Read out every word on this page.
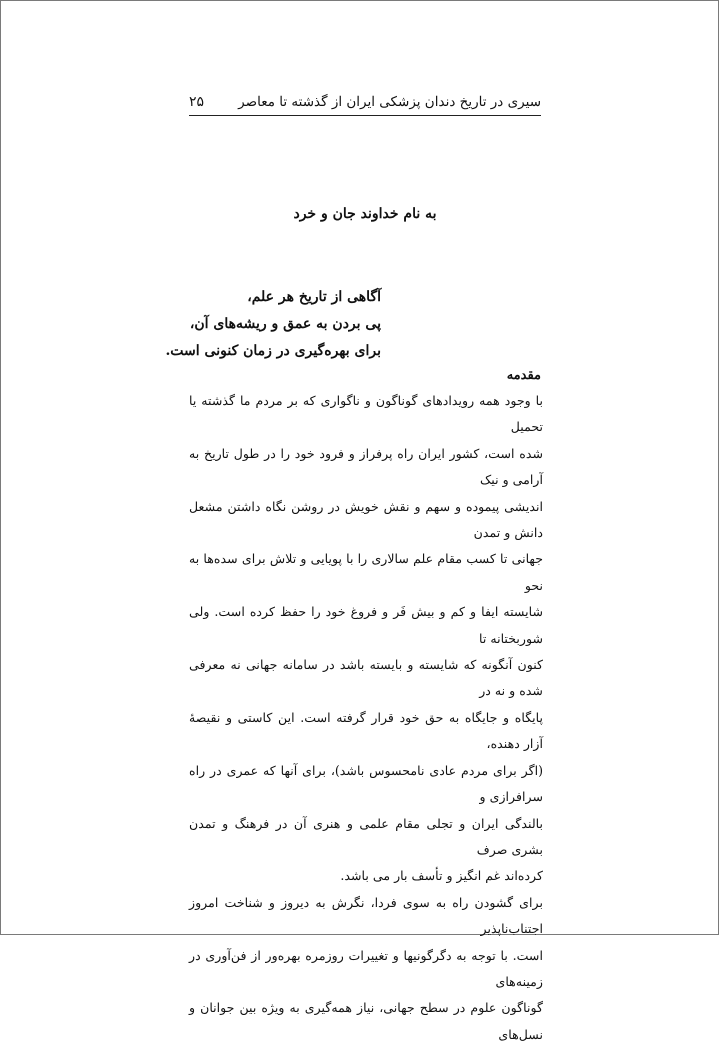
سیری در تاریخ دندان پزشکی ایران از گذشته تا معاصر
۲۵
به نام خداوند جان و خرد
آگاهی از تاریخ هر علم،
پی بردن به عمق و ریشه‌های آن،
برای بهره‌گیری در زمان کنونی است.
مقدمه

با وجود همه رویدادهای گوناگون و ناگواری که بر مردم ما گذشته یا تحمیل

شده است، کشور ایران راه پرفراز و فرود خود را در طول تاریخ به آرامی و نیک

اندیشی پیموده و سهم و نقش خویش در روشن نگاه داشتن مشعل دانش و تمدن

جهانی تا کسب مقام علم سالاری را با پویایی و تلاش برای سده‌ها به نحو

شایسته ایفا و کم و بیش فَر و فروغ خود را حفظ کرده است. ولی شوربختانه تا

کنون آنگونه که شایسته و بایسته باشد در سامانه جهانی نه معرفی شده و نه در

پایگاه و جایگاه به حق خود قرار گرفته است. این کاستی و نقیصهٔ آزار دهنده،

(اگر برای مردم عادی نامحسوس باشد)، برای آنها که عمری در راه سرافرازی و

بالندگی ایران و تجلی مقام علمی و هنری آن در فرهنگ و تمدن بشری صرف

کرده‌اند غم انگیز و تأسف بار می باشد.

برای گشودن راه به سوی فردا، نگرش به دیروز و شناخت امروز اجتناب‌ناپذیر

است. با توجه به دگرگونیها و تغییرات روزمره بهره‌ور از فن‌آوری در زمینه‌های

گوناگون علوم در سطح جهانی، نیاز همه‌گیری به ویژه بین جوانان و نسل‌های
